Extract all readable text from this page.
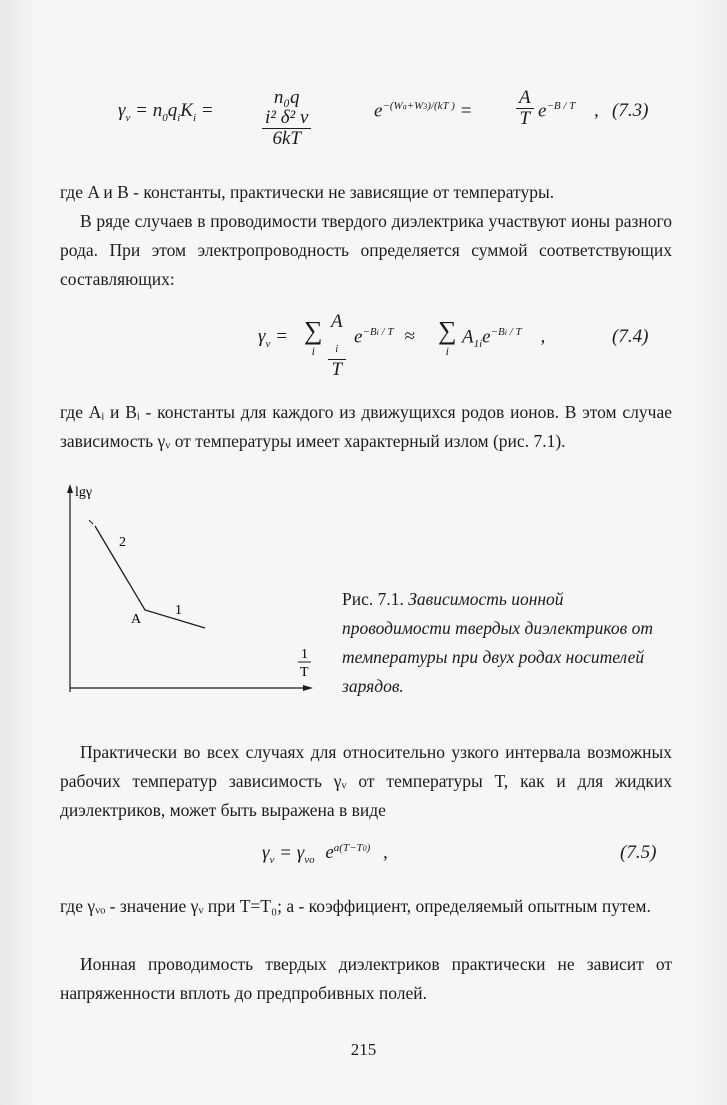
$\gamma_v = n_0q_iK_i$ =	n₀q
i² δ² ν
6kT	$e^{-(Wa+W3)/(kT )} = \frac{A}{T} e^{-B / T}$ , (7.3)

где A и B - константы, практически не зависящие от температуры.

В ряде случаев в проводимости твердого диэлектрика участвуют ионы разного рода. При этом электропроводность определяется суммой соответствующих составляющих:

$\gamma_v$ = ∑
i A
$_i$
T $e^{-Bi / T}$ ≈ ∑
i
$A_{1i}e^{-Bi / T}$ ,	(7.4)

где Aᵢ и Bᵢ - константы для каждого из движущихся родов ионов. В этом случае зависимость γᵥ от температуры имеет характерный излом (рис. 7.1).

lgγ
2
1
A
1
T
Рис. 7.1. Зависимость ионной проводимости твердых диэлектриков от температуры при двух родах носителей зарядов.

Практически во всех случаях для относительно узкого интервала возможных рабочих температур зависимость γᵥ от температуры T, как и для жидких диэлектриков, может быть выражена в виде

$\gamma_v = \gamma_{vo}$ $e^{a(T-T0)}$ ,	(7.5)

где γᵥₒ - значение γᵥ при T=T₀; a - коэффициент, определяемый опытным путем.

Ионная проводимость твердых диэлектриков практически не зависит от напряженности вплоть до предпробивных полей.

215
